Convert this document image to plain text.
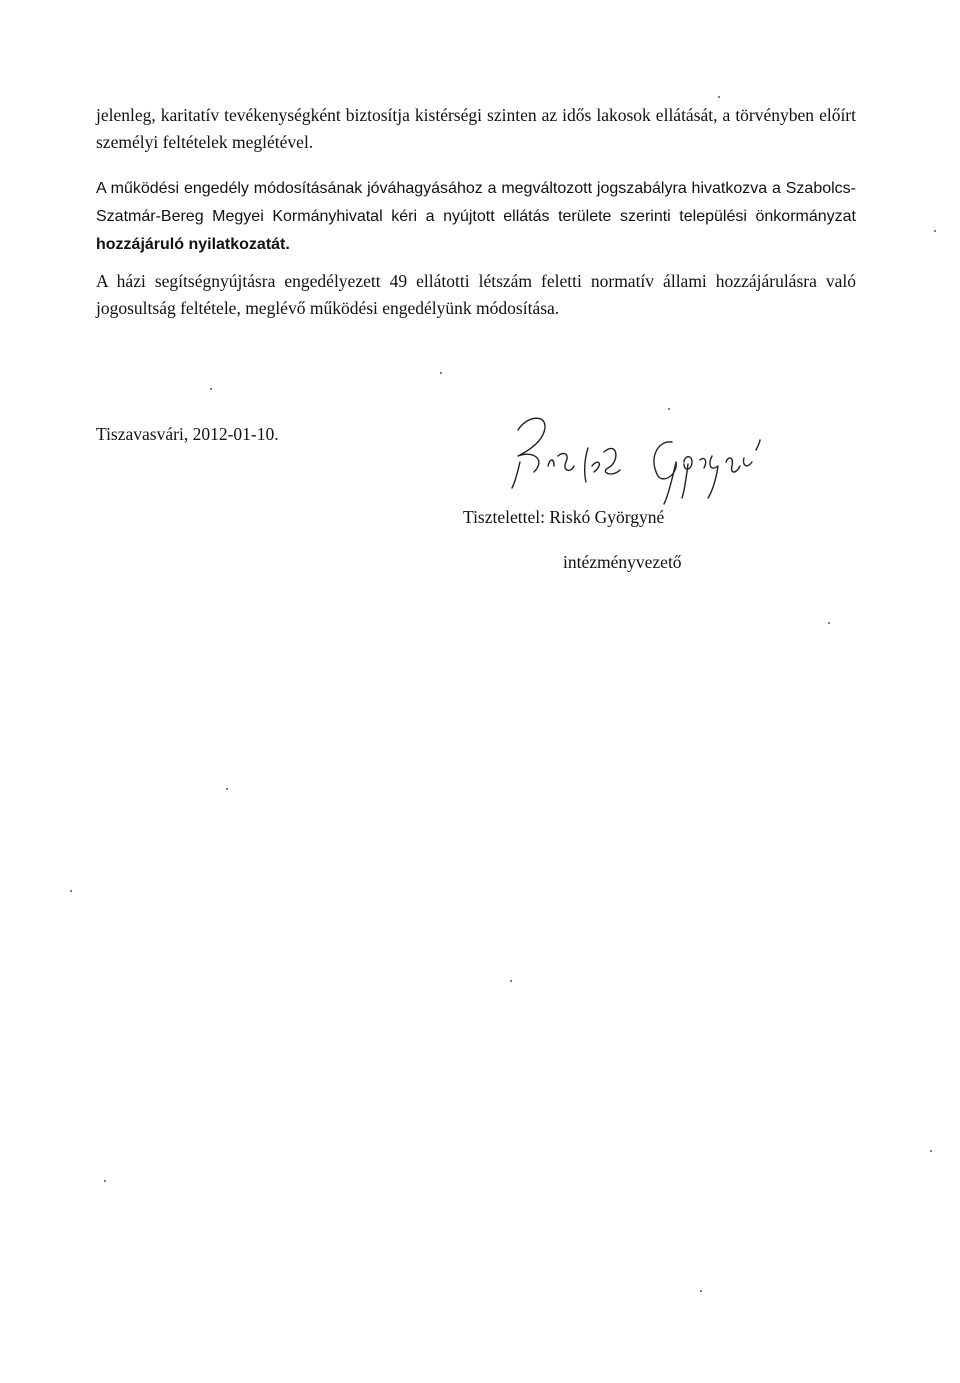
jelenleg, karitatív tevékenységként biztosítja kistérségi szinten az idős lakosok ellátását, a törvényben előírt személyi feltételek meglétével.

A működési engedély módosításának jóváhagyásához a megváltozott jogszabályra hivatkozva a Szabolcs-Szatmár-Bereg Megyei Kormányhivatal kéri a nyújtott ellátás területe szerinti települési önkormányzat hozzájáruló nyilatkozatát.

A házi segítségnyújtásra engedélyezett 49 ellátotti létszám feletti normatív állami hozzájárulásra való jogosultság feltétele, meglévő működési engedélyünk módosítása.

Tiszavasvári, 2012-01-10.
Tisztelettel: Riskó Györgyné
intézményvezető
